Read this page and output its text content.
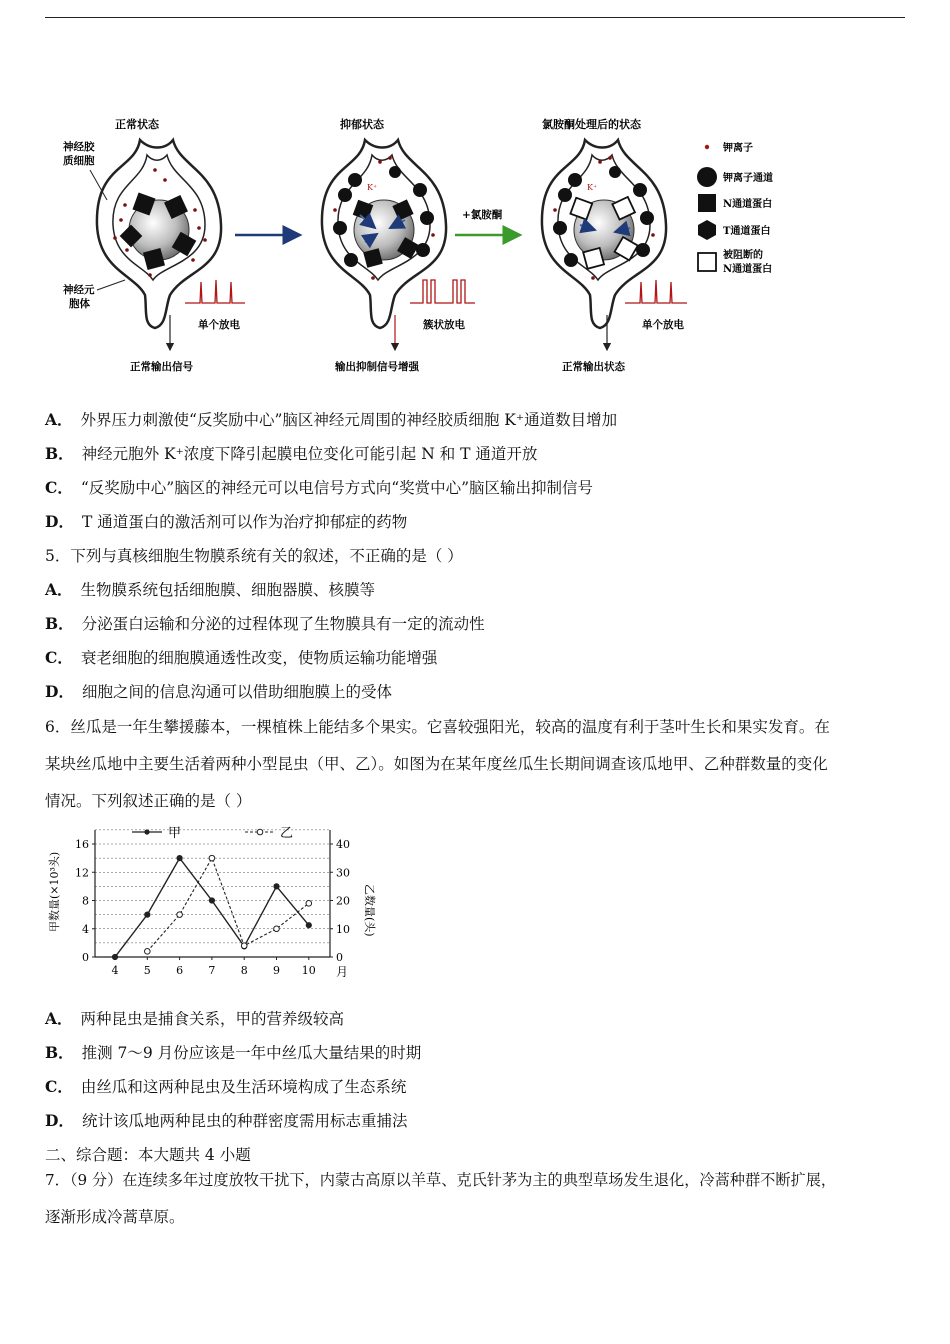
正常状态	抑郁状态	氯胺酮处理后的状态
神经胶
质细胞
神经元
胞体
单个放电
正常输出信号
K⁺
簇状放电
输出抑制信号增强
+氯胺酮
K⁺
单个放电
正常输出状态
钾离子
钾离子通道
N通道蛋白
T通道蛋白
被阻断的
N通道蛋白
A． 外界压力刺激使“反奖励中心”脑区神经元周围的神经胶质细胞 K⁺通道数目增加
B． 神经元胞外 K⁺浓度下降引起膜电位变化可能引起 N 和 T 通道开放
C． “反奖励中心”脑区的神经元可以电信号方式向“奖赏中心”脑区输出抑制信号
D． T 通道蛋白的激活剂可以作为治疗抑郁症的药物
5．下列与真核细胞生物膜系统有关的叙述，不正确的是（ ）
A． 生物膜系统包括细胞膜、细胞器膜、核膜等
B． 分泌蛋白运输和分泌的过程体现了生物膜具有一定的流动性
C． 衰老细胞的细胞膜通透性改变，使物质运输功能增强
D． 细胞之间的信息沟通可以借助细胞膜上的受体
6．丝瓜是一年生攀援藤本，一棵植株上能结多个果实。它喜较强阳光，较高的温度有利于茎叶生长和果实发育。在
某块丝瓜地中主要生活着两种小型昆虫（甲、乙）。如图为在某年度丝瓜生长期间调查该瓜地甲、乙种群数量的变化
情况。下列叙述正确的是（ ）
0
4
8
12
16
0
10
20
30
40
4 5 6 7 8 9 10
甲	乙
甲数量(×10³头)	乙数量(头)
月
A． 两种昆虫是捕食关系，甲的营养级较高
B． 推测 7～9 月份应该是一年中丝瓜大量结果的时期
C． 由丝瓜和这两种昆虫及生活环境构成了生态系统
D． 统计该瓜地两种昆虫的种群密度需用标志重捕法
二、综合题：本大题共 4 小题
7．（9 分）在连续多年过度放牧干扰下，内蒙古高原以羊草、克氏针茅为主的典型草场发生退化，冷蒿种群不断扩展，
逐渐形成冷蒿草原。
